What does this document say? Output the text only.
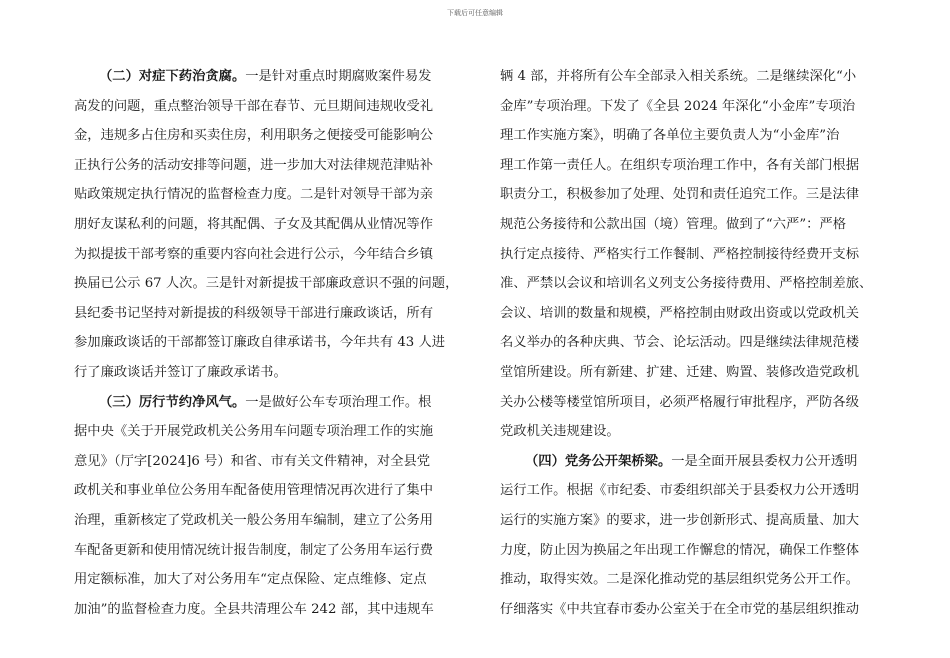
下载后可任意编辑
（二）对症下药治贪腐。一是针对重点时期腐败案件易发
高发的问题，重点整治领导干部在春节、元旦期间违规收受礼
金，违规多占住房和买卖住房，利用职务之便接受可能影响公
正执行公务的活动安排等问题，进一步加大对法律规范津贴补
贴政策规定执行情况的监督检查力度。二是针对领导干部为亲
朋好友谋私利的问题，将其配偶、子女及其配偶从业情况等作
为拟提拔干部考察的重要内容向社会进行公示，今年结合乡镇
换届已公示 67 人次。三是针对新提拔干部廉政意识不强的问题，
县纪委书记坚持对新提拔的科级领导干部进行廉政谈话，所有
参加廉政谈话的干部都签订廉政自律承诺书，今年共有 43 人进
行了廉政谈话并签订了廉政承诺书。
（三）厉行节约净风气。一是做好公车专项治理工作。根
据中央《关于开展党政机关公务用车问题专项治理工作的实施
意见》（厅字[2024]6 号）和省、市有关文件精神，对全县党
政机关和事业单位公务用车配备使用管理情况再次进行了集中
治理，重新核定了党政机关一般公务用车编制，建立了公务用
车配备更新和使用情况统计报告制度，制定了公务用车运行费
用定额标准，加大了对公务用车“定点保险、定点维修、定点
加油”的监督检查力度。全县共清理公车 242 部，其中违规车
辆 4 部，并将所有公车全部录入相关系统。二是继续深化“小
金库”专项治理。下发了《全县 2024 年深化“小金库”专项治
理工作实施方案》，明确了各单位主要负责人为“小金库”治
理工作第一责任人。在组织专项治理工作中，各有关部门根据
职责分工，积极参加了处理、处罚和责任追究工作。三是法律
规范公务接待和公款出国（境）管理。做到了“六严”：严格
执行定点接待、严格实行工作餐制、严格控制接待经费开支标
准、严禁以会议和培训名义列支公务接待费用、严格控制差旅、
会议、培训的数量和规模，严格控制由财政出资或以党政机关
名义举办的各种庆典、节会、论坛活动。四是继续法律规范楼
堂馆所建设。所有新建、扩建、迁建、购置、装修改造党政机
关办公楼等楼堂馆所项目，必须严格履行审批程序，严防各级
党政机关违规建设。
（四）党务公开架桥梁。一是全面开展县委权力公开透明
运行工作。根据《市纪委、市委组织部关于县委权力公开透明
运行的实施方案》的要求，进一步创新形式、提高质量、加大
力度，防止因为换届之年出现工作懈怠的情况，确保工作整体
推动，取得实效。二是深化推动党的基层组织党务公开工作。
仔细落实《中共宜春市委办公室关于在全市党的基层组织推动
